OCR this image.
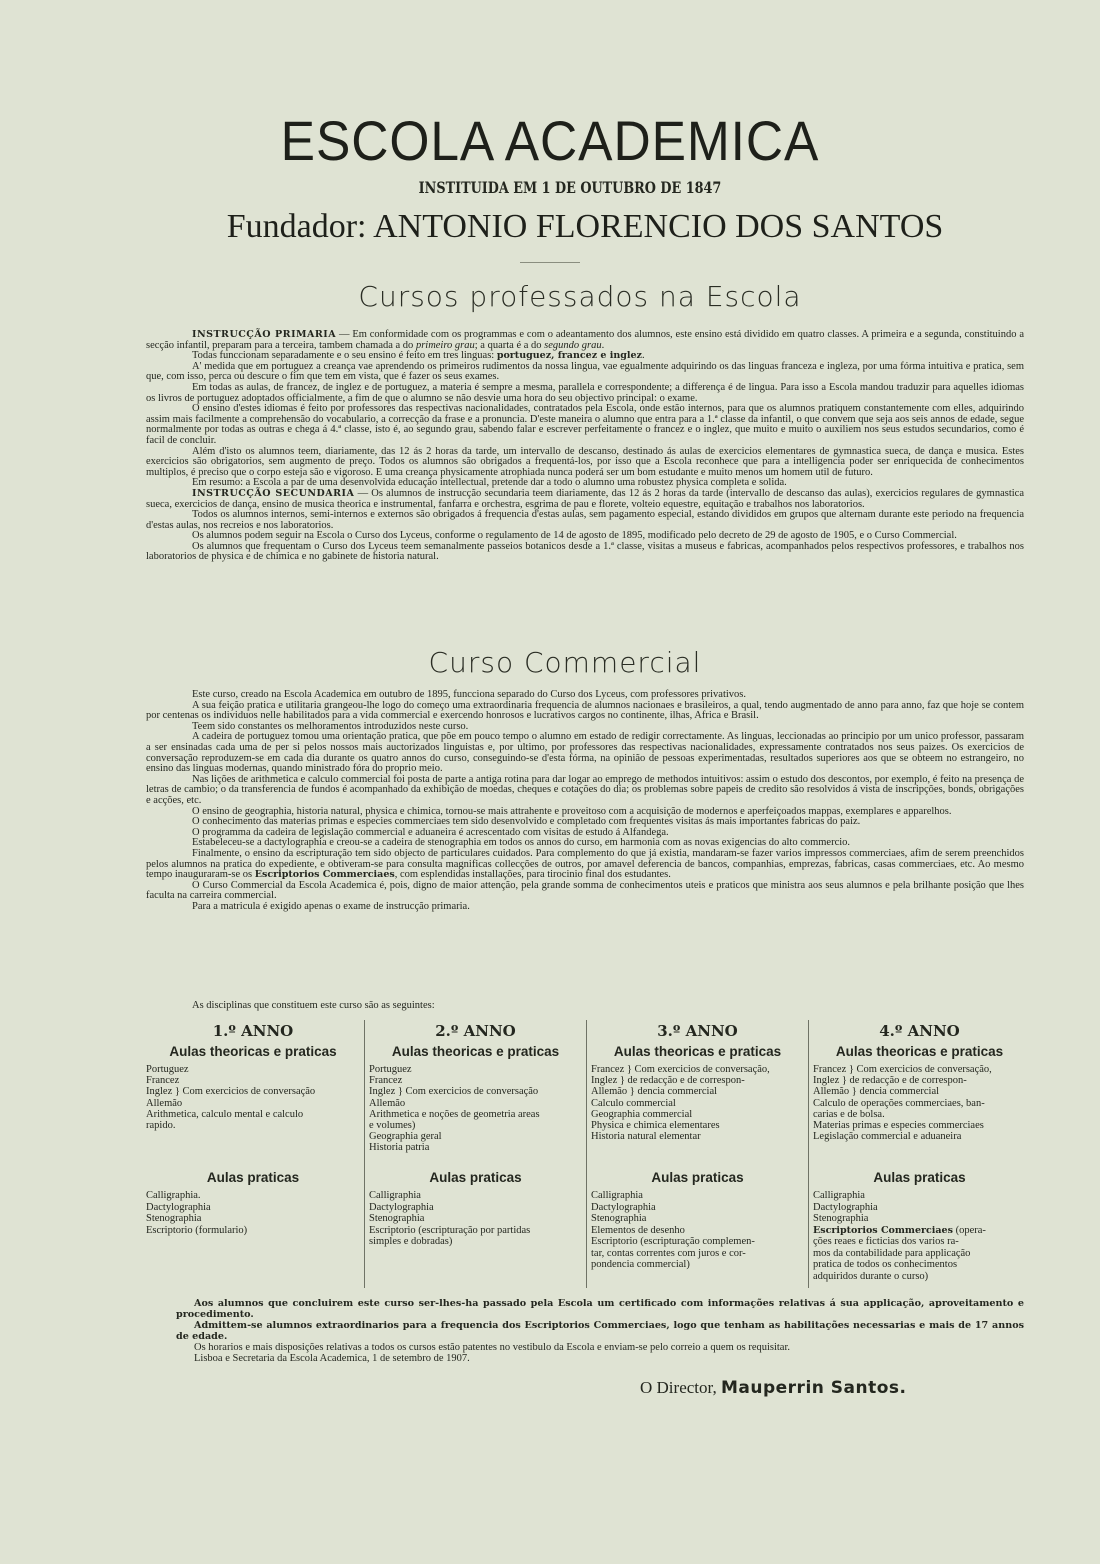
ESCOLA ACADEMICA
INSTITUIDA EM 1 DE OUTUBRO DE 1847
Fundador: ANTONIO FLORENCIO DOS SANTOS
Cursos professados na Escola

INSTRUCÇÃO PRIMARIA — Em conformidade com os programmas e com o adeantamento dos alumnos, este ensino está dividido em quatro classes. A primeira e a segunda, constituindo a secção infantil, preparam para a terceira, tambem chamada a do primeiro grau; a quarta é a do segundo grau.

Todas funccionam separadamente e o seu ensino é feito em tres linguas: portuguez, francez e inglez.

A' medida que em portuguez a creança vae aprendendo os primeiros rudimentos da nossa lingua, vae egualmente adquirindo os das linguas franceza e ingleza, por uma fórma intuitiva e pratica, sem que, com isso, perca ou descure o fim que tem em vista, que é fazer os seus exames.

Em todas as aulas, de francez, de inglez e de portuguez, a materia é sempre a mesma, parallela e correspondente; a differença é de lingua. Para isso a Escola mandou traduzir para aquelles idiomas os livros de portuguez adoptados officialmente, a fim de que o alumno se não desvie uma hora do seu objectivo principal: o exame.

O ensino d'estes idiomas é feito por professores das respectivas nacionalidades, contratados pela Escola, onde estão internos, para que os alumnos pratiquem constantemente com elles, adquirindo assim mais facilmente a comprehensão do vocabulario, a correcção da frase e a pronuncia. D'este maneira o alumno que entra para a 1.ª classe da infantil, o que convem que seja aos seis annos de edade, segue normalmente por todas as outras e chega á 4.ª classe, isto é, ao segundo grau, sabendo falar e escrever perfeitamente o francez e o inglez, que muito e muito o auxiliem nos seus estudos secundarios, como é facil de concluir.

Além d'isto os alumnos teem, diariamente, das 12 ás 2 horas da tarde, um intervallo de descanso, destinado ás aulas de exercicios elementares de gymnastica sueca, de dança e musica. Estes exercicios são obrigatorios, sem augmento de preço. Todos os alumnos são obrigados a frequentá-los, por isso que a Escola reconhece que para a intelligencia poder ser enriquecida de conhecimentos multiplos, é preciso que o corpo esteja são e vigoroso. E uma creança physicamente atrophiada nunca poderá ser um bom estudante e muito menos um homem util de futuro.

Em resumo: a Escola a par de uma desenvolvida educação intellectual, pretende dar a todo o alumno uma robustez physica completa e solida.

INSTRUCÇÃO SECUNDARIA — Os alumnos de instrucção secundaria teem diariamente, das 12 ás 2 horas da tarde (intervallo de descanso das aulas), exercicios regulares de gymnastica sueca, exercicios de dança, ensino de musica theorica e instrumental, fanfarra e orchestra, esgrima de pau e florete, volteio equestre, equitação e trabalhos nos laboratorios.

Todos os alumnos internos, semi-internos e externos são obrigados á frequencia d'estas aulas, sem pagamento especial, estando divididos em grupos que alternam durante este periodo na frequencia d'estas aulas, nos recreios e nos laboratorios.

Os alumnos podem seguir na Escola o Curso dos Lyceus, conforme o regulamento de 14 de agosto de 1895, modificado pelo decreto de 29 de agosto de 1905, e o Curso Commercial.

Os alumnos que frequentam o Curso dos Lyceus teem semanalmente passeios botanicos desde a 1.ª classe, visitas a museus e fabricas, acompanhados pelos respectivos professores, e trabalhos nos laboratorios de physica e de chimica e no gabinete de historia natural.

Curso Commercial

Este curso, creado na Escola Academica em outubro de 1895, funcciona separado do Curso dos Lyceus, com professores privativos.

A sua feição pratica e utilitaria grangeou-lhe logo do começo uma extraordinaria frequencia de alumnos nacionaes e brasileiros, a qual, tendo augmentado de anno para anno, faz que hoje se contem por centenas os individuos nelle habilitados para a vida commercial e exercendo honrosos e lucrativos cargos no continente, ilhas, Africa e Brasil.

Teem sido constantes os melhoramentos introduzidos neste curso.

A cadeira de portuguez tomou uma orientação pratica, que põe em pouco tempo o alumno em estado de redigir correctamente. As linguas, leccionadas ao principio por um unico professor, passaram a ser ensinadas cada uma de per si pelos nossos mais auctorizados linguistas e, por ultimo, por professores das respectivas nacionalidades, expressamente contratados nos seus paizes. Os exercicios de conversação reproduzem-se em cada dia durante os quatro annos do curso, conseguindo-se d'esta fórma, na opinião de pessoas experimentadas, resultados superiores aos que se obteem no estrangeiro, no ensino das linguas modernas, quando ministrado fóra do proprio meio.

Nas lições de arithmetica e calculo commercial foi posta de parte a antiga rotina para dar logar ao emprego de methodos intuitivos: assim o estudo dos descontos, por exemplo, é feito na presença de letras de cambio; o da transferencia de fundos é acompanhado da exhibição de moedas, cheques e cotações do dia; os problemas sobre papeis de credito são resolvidos á vista de inscripções, bonds, obrigações e acções, etc.

O ensino de geographia, historia natural, physica e chimica, tornou-se mais attrahente e proveitoso com a acquisição de modernos e aperfeiçoados mappas, exemplares e apparelhos.

O conhecimento das materias primas e especies commerciaes tem sido desenvolvido e completado com frequentes visitas ás mais importantes fabricas do paiz.

O programma da cadeira de legislação commercial e aduaneira é acrescentado com visitas de estudo á Alfandega.

Estabeleceu-se a dactylographia e creou-se a cadeira de stenographia em todos os annos do curso, em harmonia com as novas exigencias do alto commercio.

Finalmente, o ensino da escripturação tem sido objecto de particulares cuidados. Para complemento do que já existia, mandaram-se fazer varios impressos commerciaes, afim de serem preenchidos pelos alumnos na pratica do expediente, e obtiveram-se para consulta magnificas collecções de outros, por amavel deferencia de bancos, companhias, emprezas, fabricas, casas commerciaes, etc. Ao mesmo tempo inauguraram-se os Escriptorios Commerciaes, com esplendidas installações, para tirocinio final dos estudantes.

O Curso Commercial da Escola Academica é, pois, digno de maior attenção, pela grande somma de conhecimentos uteis e praticos que ministra aos seus alumnos e pela brilhante posição que lhes faculta na carreira commercial.

Para a matricula é exigido apenas o exame de instrucção primaria.

As disciplinas que constituem este curso são as seguintes:
1.º ANNO
Aulas theoricas e praticas
Portuguez
Francez
Inglez } Com exercicios de conversação
Allemão
Arithmetica, calculo mental e calculo
rapido.
Aulas praticas
Calligraphia.
Dactylographia
Stenographia
Escriptorio (formulario)
2.º ANNO
Aulas theoricas e praticas
Portuguez
Francez
Inglez } Com exercicios de conversação
Allemão
Arithmetica e noções de geometria areas
e volumes)
Geographia geral
Historia patria
Aulas praticas
Calligraphia
Dactylographia
Stenographia
Escriptorio (escripturação por partidas
simples e dobradas)
3.º ANNO
Aulas theoricas e praticas
Francez } Com exercicios de conversação,
Inglez } de redacção e de correspon-
Allemão } dencia commercial
Calculo commercial
Geographia commercial
Physica e chimica elementares
Historia natural elementar
Aulas praticas
Calligraphia
Dactylographia
Stenographia
Elementos de desenho
Escriptorio (escripturação complemen-
tar, contas correntes com juros e cor-
pondencia commercial)
4.º ANNO
Aulas theoricas e praticas
Francez } Com exercicios de conversação,
Inglez } de redacção e de correspon-
Allemão } dencia commercial
Calculo de operações commerciaes, ban-
carias e de bolsa.
Materias primas e especies commerciaes
Legislação commercial e aduaneira
Aulas praticas
Calligraphia
Dactylographia
Stenographia
Escriptorios Commerciaes (opera-
ções reaes e ficticias dos varios ra-
mos da contabilidade para applicação
pratica de todos os conhecimentos
adquiridos durante o curso)

Aos alumnos que concluirem este curso ser-lhes-ha passado pela Escola um certificado com informações relativas á sua applicação, aproveitamento e procedimento.

Admittem-se alumnos extraordinarios para a frequencia dos Escriptorios Commerciaes, logo que tenham as habilitações necessarias e mais de 17 annos de edade.

Os horarios e mais disposições relativas a todos os cursos estão patentes no vestibulo da Escola e enviam-se pelo correio a quem os requisitar.

Lisboa e Secretaria da Escola Academica, 1 de setembro de 1907.

O Director, Mauperrin Santos.
